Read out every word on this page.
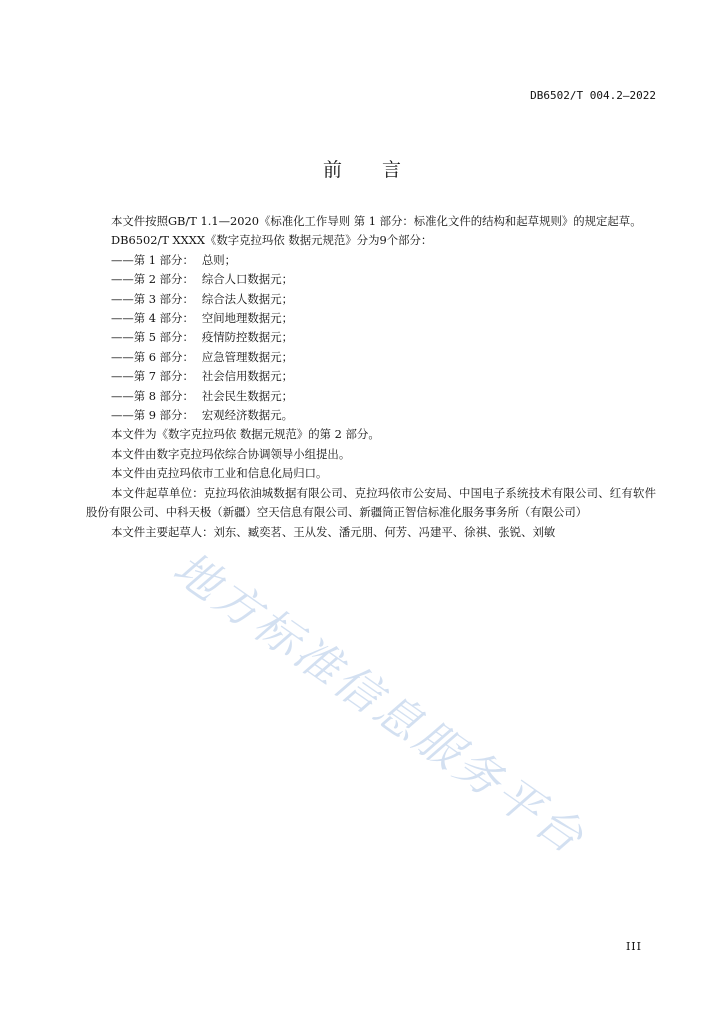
DB6502/T 004.2—2022
前 言

本文件按照GB/T 1.1—2020《标准化工作导则 第 1 部分：标准化文件的结构和起草规则》的规定起草。

DB6502/T XXXX《数字克拉玛依 数据元规范》分为9个部分：

——第 1 部分： 总则；

——第 2 部分： 综合人口数据元；

——第 3 部分： 综合法人数据元；

——第 4 部分： 空间地理数据元；

——第 5 部分： 疫情防控数据元；

——第 6 部分： 应急管理数据元；

——第 7 部分： 社会信用数据元；

——第 8 部分： 社会民生数据元；

——第 9 部分： 宏观经济数据元。

本文件为《数字克拉玛依 数据元规范》的第 2 部分。

本文件由数字克拉玛依综合协调领导小组提出。

本文件由克拉玛依市工业和信息化局归口。

本文件起草单位：克拉玛依油城数据有限公司、克拉玛依市公安局、中国电子系统技术有限公司、红有软件股份有限公司、中科天极（新疆）空天信息有限公司、新疆筒正智信标准化服务事务所（有限公司）

本文件主要起草人：刘东、臧奕茗、王从发、潘元朋、何芳、冯建平、徐祺、张锐、刘敏

地方标准信息服务平台
III
